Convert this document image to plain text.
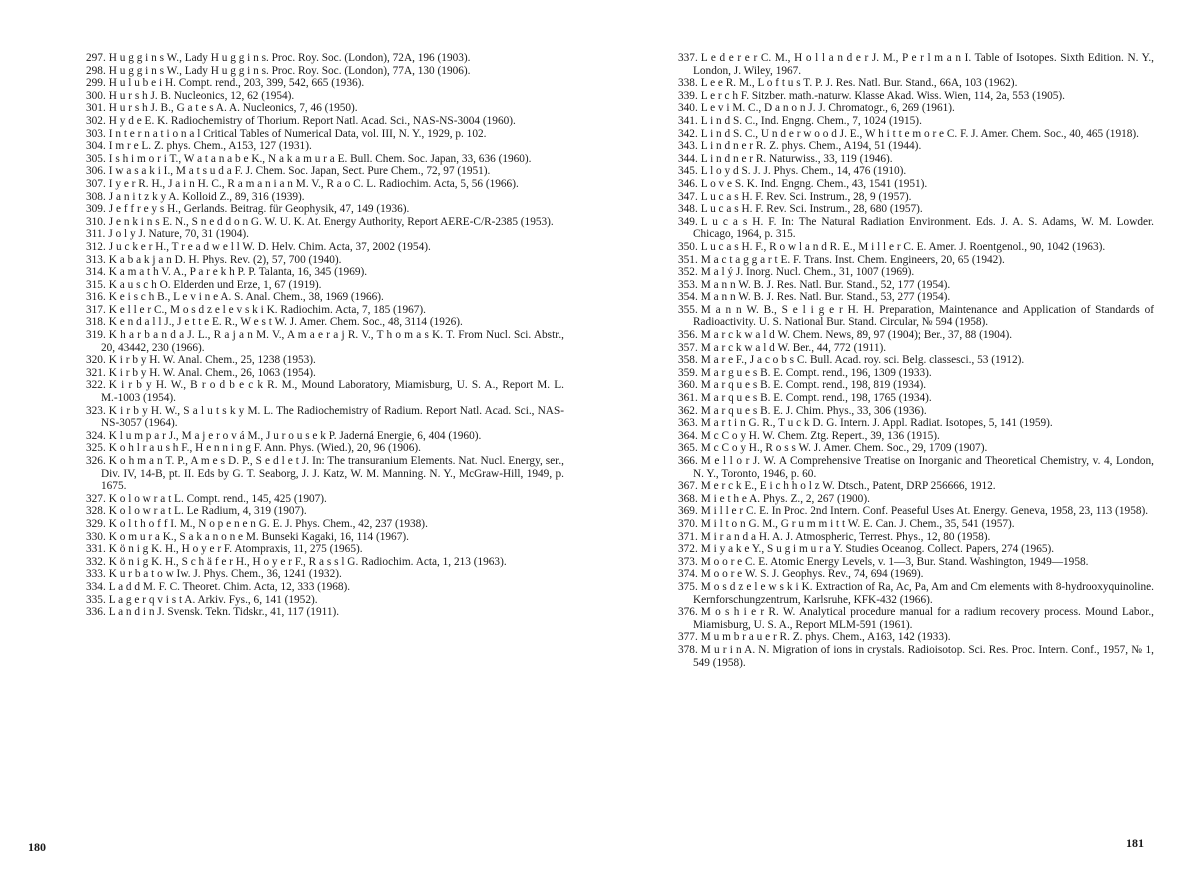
297. H u g g i n s W., Lady H u g g i n s. Proc. Roy. Soc. (London), 72A, 196 (1903).
298. H u g g i n s W., Lady H u g g i n s. Proc. Roy. Soc. (London), 77A, 130 (1906).
299. H u l u b e i H. Compt. rend., 203, 399, 542, 665 (1936).
300. H u r s h J. B. Nucleonics, 12, 62 (1954).
301. H u r s h J. B., G a t e s A. A. Nucleonics, 7, 46 (1950).
302. H y d e E. K. Radiochemistry of Thorium. Report Natl. Acad. Sci., NAS-NS-3004 (1960).
303. I n t e r n a t i o n a l Critical Tables of Numerical Data, vol. III, N. Y., 1929, p. 102.
304. I m r e L. Z. phys. Chem., A153, 127 (1931).
305. I s h i m o r i T., W a t a n a b e K., N a k a m u r a E. Bull. Chem. Soc. Japan, 33, 636 (1960).
306. I w a s a k i I., M a t s u d a F. J. Chem. Soc. Japan, Sect. Pure Chem., 72, 97 (1951).
307. I y e r R. H., J a i n H. C., R a m a n i a n M. V., R a o C. L. Radiochim. Acta, 5, 56 (1966).
308. J a n i t z k y A. Kolloid Z., 89, 316 (1939).
309. J e f f r e y s H., Gerlands. Beitrag. für Geophysik, 47, 149 (1936).
310. J e n k i n s E. N., S n e d d o n G. W. U. K. At. Energy Authority, Report AERE-C/R-2385 (1953).
311. J o l y J. Nature, 70, 31 (1904).
312. J u c k e r H., T r e a d w e l l W. D. Helv. Chim. Acta, 37, 2002 (1954).
313. K a b a k j a n D. H. Phys. Rev. (2), 57, 700 (1940).
314. K a m a t h V. A., P a r e k h P. P. Talanta, 16, 345 (1969).
315. K a u s c h O. Elderden und Erze, 1, 67 (1919).
316. K e i s c h B., L e v i n e A. S. Anal. Chem., 38, 1969 (1966).
317. K e l l e r C., M o s d z e l e v s k i K. Radiochim. Acta, 7, 185 (1967).
318. K e n d a l l J., J e t t e E. R., W e s t W. J. Amer. Chem. Soc., 48, 3114 (1926).
319. K h a r b a n d a J. L., R a j a n M. V., A m a e r a j R. V., T h o m a s K. T. From Nucl. Sci. Abstr., 20, 43442, 230 (1966).
320. K i r b y H. W. Anal. Chem., 25, 1238 (1953).
321. K i r b y H. W. Anal. Chem., 26, 1063 (1954).
322. K i r b y H. W., B r o d b e c k R. M., Mound Laboratory, Miamisburg, U. S. A., Report M. L. M.-1003 (1954).
323. K i r b y H. W., S a l u t s k y M. L. The Radiochemistry of Radium. Report Natl. Acad. Sci., NAS-NS-3057 (1964).
324. K l u m p a r J., M a j e r o v á M., J u r o u s e k P. Jaderná Energie, 6, 404 (1960).
325. K o h l r a u s h F., H e n n i n g F. Ann. Phys. (Wied.), 20, 96 (1906).
326. K o h m a n T. P., A m e s D. P., S e d l e t J. In: The transuranium Elements. Nat. Nucl. Energy, ser., Div. IV, 14-B, pt. II. Eds by G. T. Seaborg, J. J. Katz, W. M. Manning. N. Y., McGraw-Hill, 1949, p. 1675.
327. K o l o w r a t L. Compt. rend., 145, 425 (1907).
328. K o l o w r a t L. Le Radium, 4, 319 (1907).
329. K o l t h o f f I. M., N o p e n e n G. E. J. Phys. Chem., 42, 237 (1938).
330. K o m u r a K., S a k a n o n e M. Bunseki Kagaki, 16, 114 (1967).
331. K ö n i g K. H., H o y e r F. Atompraxis, 11, 275 (1965).
332. K ö n i g K. H., S c h ä f e r H., H o y e r F., R a s s l G. Radiochim. Acta, 1, 213 (1963).
333. K u r b a t o w Iw. J. Phys. Chem., 36, 1241 (1932).
334. L a d d M. F. C. Theoret. Chim. Acta, 12, 333 (1968).
335. L a g e r q v i s t A. Arkiv. Fys., 6, 141 (1952).
336. L a n d i n J. Svensk. Tekn. Tidskr., 41, 117 (1911).
337. L e d e r e r C. M., H o l l a n d e r J. M., P e r l m a n I. Table of Isotopes. Sixth Edition. N. Y., London, J. Wiley, 1967.
338. L e e R. M., L o f t u s T. P. J. Res. Natl. Bur. Stand., 66A, 103 (1962).
339. L e r c h F. Sitzber. math.-naturw. Klasse Akad. Wiss. Wien, 114, 2a, 553 (1905).
340. L e v i M. C., D a n o n J. J. Chromatogr., 6, 269 (1961).
341. L i n d S. C., Ind. Engng. Chem., 7, 1024 (1915).
342. L i n d S. C., U n d e r w o o d J. E., W h i t t e m o r e C. F. J. Amer. Chem. Soc., 40, 465 (1918).
343. L i n d n e r R. Z. phys. Chem., A194, 51 (1944).
344. L i n d n e r R. Naturwiss., 33, 119 (1946).
345. L l o y d S. J. J. Phys. Chem., 14, 476 (1910).
346. L o v e S. K. Ind. Engng. Chem., 43, 1541 (1951).
347. L u c a s H. F. Rev. Sci. Instrum., 28, 9 (1957).
348. L u c a s H. F. Rev. Sci. Instrum., 28, 680 (1957).
349. L u c a s H. F. In: The Natural Radiation Environment. Eds. J. A. S. Adams, W. M. Lowder. Chicago, 1964, p. 315.
350. L u c a s H. F., R o w l a n d R. E., M i l l e r C. E. Amer. J. Roentgenol., 90, 1042 (1963).
351. M a c t a g g a r t E. F. Trans. Inst. Chem. Engineers, 20, 65 (1942).
352. M a l ý J. Inorg. Nucl. Chem., 31, 1007 (1969).
353. M a n n W. B. J. Res. Natl. Bur. Stand., 52, 177 (1954).
354. M a n n W. B. J. Res. Natl. Bur. Stand., 53, 277 (1954).
355. M a n n W. B., S e l i g e r H. H. Preparation, Maintenance and Application of Standards of Radioactivity. U. S. National Bur. Stand. Circular, № 594 (1958).
356. M a r c k w a l d W. Chem. News, 89, 97 (1904); Ber., 37, 88 (1904).
357. M a r c k w a l d W. Ber., 44, 772 (1911).
358. M a r e F., J a c o b s C. Bull. Acad. roy. sci. Belg. classesci., 53 (1912).
359. M a r g u e s B. E. Compt. rend., 196, 1309 (1933).
360. M a r q u e s B. E. Compt. rend., 198, 819 (1934).
361. M a r q u e s B. E. Compt. rend., 198, 1765 (1934).
362. M a r q u e s B. E. J. Chim. Phys., 33, 306 (1936).
363. M a r t i n G. R., T u c k D. G. Intern. J. Appl. Radiat. Isotopes, 5, 141 (1959).
364. M c C o y H. W. Chem. Ztg. Repert., 39, 136 (1915).
365. M c C o y H., R o s s W. J. Amer. Chem. Soc., 29, 1709 (1907).
366. M e l l o r J. W. A Comprehensive Treatise on Inorganic and Theoretical Chemistry, v. 4, London, N. Y., Toronto, 1946, p. 60.
367. M e r c k E., E i c h h o l z W. Dtsch., Patent, DRP 256666, 1912.
368. M i e t h e A. Phys. Z., 2, 267 (1900).
369. M i l l e r C. E. In Proc. 2nd Intern. Conf. Peaseful Uses At. Energy. Geneva, 1958, 23, 113 (1958).
370. M i l t o n G. M., G r u m m i t t W. E. Can. J. Chem., 35, 541 (1957).
371. M i r a n d a H. A. J. Atmospheric, Terrest. Phys., 12, 80 (1958).
372. M i y a k e Y., S u g i m u r a Y. Studies Oceanog. Collect. Papers, 274 (1965).
373. M o o r e C. E. Atomic Energy Levels, v. 1—3, Bur. Stand. Washington, 1949—1958.
374. M o o r e W. S. J. Geophys. Rev., 74, 694 (1969).
375. M o s d z e l e w s k i K. Extraction of Ra, Ac, Pa, Am and Cm elements with 8-hydrooxyquinoline. Kernforschungzentrum, Karlsruhe, KFK-432 (1966).
376. M o s h i e r R. W. Analytical procedure manual for a radium recovery process. Mound Labor., Miamisburg, U. S. A., Report MLM-591 (1961).
377. M u m b r a u e r R. Z. phys. Chem., A163, 142 (1933).
378. M u r i n A. N. Migration of ions in crystals. Radioisotop. Sci. Res. Proc. Intern. Conf., 1957, № 1, 549 (1958).
180	181
